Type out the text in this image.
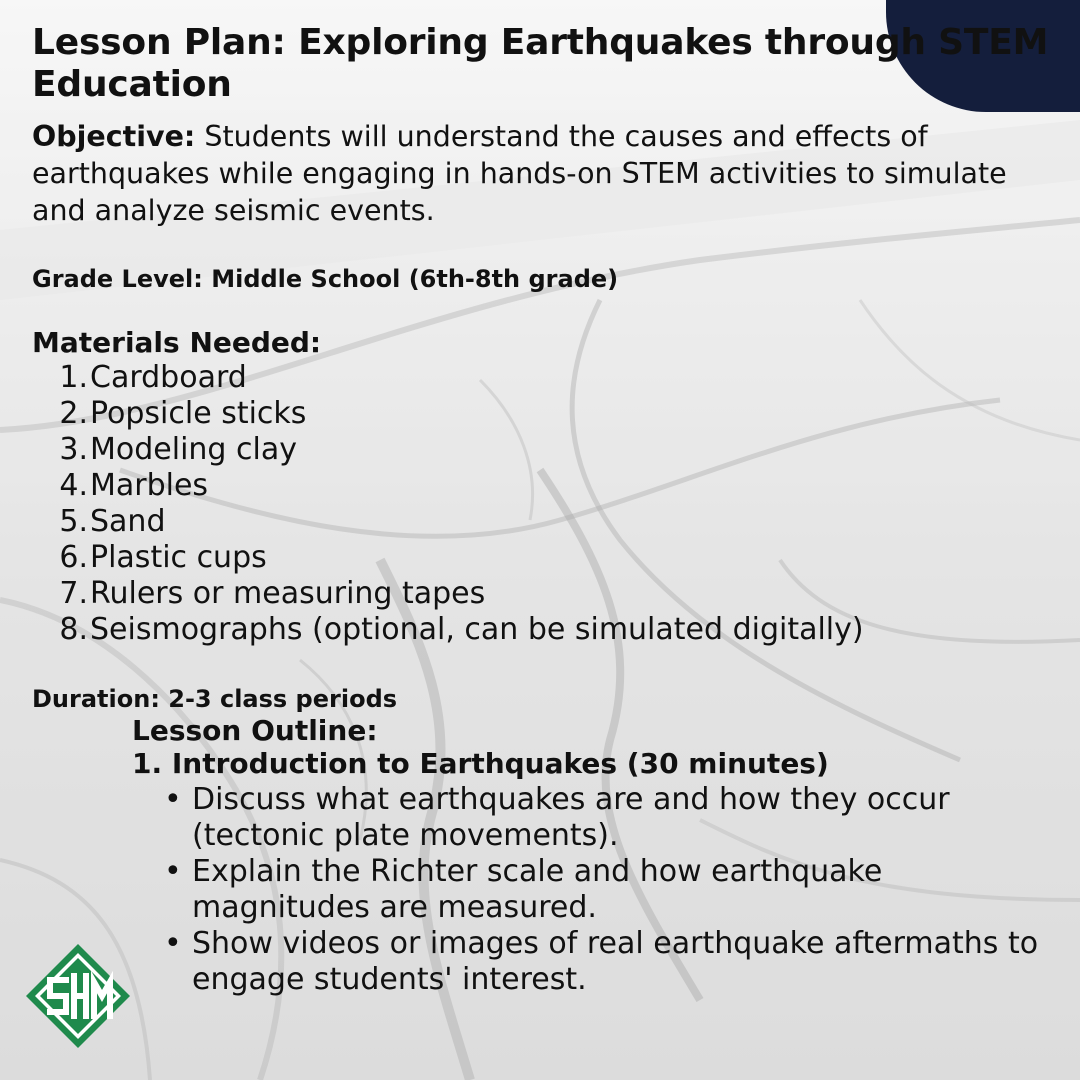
Lesson Plan: Exploring Earthquakes through STEM Education

Objective: Students will understand the causes and effects of earthquakes while engaging in hands-on STEM activities to simulate and analyze seismic events.

Grade Level: Middle School (6th-8th grade)
Materials Needed:
1. Cardboard
2. Popsicle sticks
3. Modeling clay
4. Marbles
5. Sand
6. Plastic cups
7. Rulers or measuring tapes
8. Seismographs (optional, can be simulated digitally)
Duration: 2-3 class periods
Lesson Outline:
1. Introduction to Earthquakes (30 minutes)
• Discuss what earthquakes are and how they occur (tectonic plate movements).
• Explain the Richter scale and how earthquake magnitudes are measured.
• Show videos or images of real earthquake aftermaths to engage students' interest.
